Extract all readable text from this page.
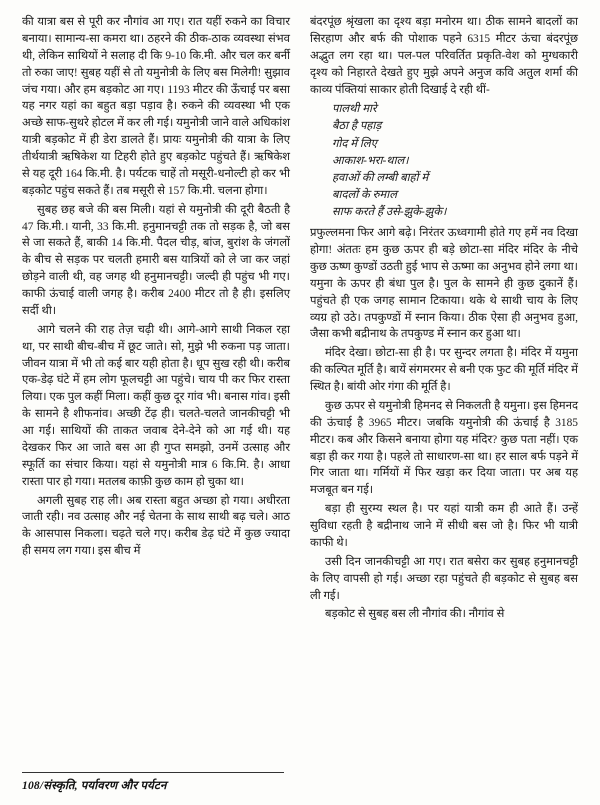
की यात्रा बस से पूरी कर नौगांव आ गए। रात यहीं रुकने का विचार बनाया। सामान्य-सा कमरा था। ठहरने की ठीक-ठाक व्यवस्था संभव थी, लेकिन साथियों ने सलाह दी कि 9-10 कि.मी. और चल कर बर्नी तो रुका जाए! सुबह यहीं से तो यमुनोत्री के लिए बस मिलेगी! सुझाव जंच गया। और हम बड़कोट आ गए। 1193 मीटर की ऊँचाई पर बसा यह नगर यहां का बहुत बड़ा पड़ाव है। रुकने की व्यवस्था भी एक अच्छे साफ-सुथरे होटल में कर ली गई। यमुनोत्री जाने वाले अधिकांश यात्री बड़कोट में ही डेरा डालते हैं। प्रायः यमुनोत्री की यात्रा के लिए तीर्थयात्री ऋषिकेश या टिहरी होते हुए बड़कोट पहुंचते हैं। ऋषिकेश से यह दूरी 164 कि.मी. है। पर्यटक चाहें तो मसूरी-धनोल्टी हो कर भी बड़कोट पहुंच सकते हैं। तब मसूरी से 157 कि.मी. चलना होगा।

सुबह छह बजे की बस मिली। यहां से यमुनोत्री की दूरी बैठती है 47 कि.मी.। यानी, 33 कि.मी. हनुमानचट्टी तक तो सड़क है, जो बस से जा सकते हैं, बाकी 14 कि.मी. पैदल चीड़, बांज, बुरांश के जंगलों के बीच से सड़क पर चलती हमारी बस यात्रियों को ले जा कर जहां छोड़ने वाली थी, वह जगह थी हनुमानचट्टी। जल्दी ही पहुंच भी गए। काफी ऊंचाई वाली जगह है। करीब 2400 मीटर तो है ही। इसलिए सर्दी थी।

आगे चलने की राह तेज़ चढ़ी थी। आगे-आगे साथी निकल रहा था, पर साथी बीच-बीच में छूट जाते। सो, मुझे भी रुकना पड़ जाता। जीवन यात्रा में भी तो कई बार यही होता है। धूप सुख रही थी। करीब एक-डेढ़ घंटे में हम लोग फूलचट्टी आ पहुंचे। चाय पी कर फिर रास्ता लिया। एक पुल कहीं मिला। कहीं कुछ दूर गांव भी। बनास गांव। इसी के सामने है शीफनांव। अच्छी टेंढ़ ही। चलते-चलते जानकीचट्टी भी आ गई। साथियों की ताकत जवाब देने-देने को आ गई थी। यह देखकर फिर आ जाते बस आ ही गुप्त समझो, उनमें उत्साह और स्फूर्ति का संचार किया। यहां से यमुनोत्री मात्र 6 कि.मि. है। आधा रास्ता पार हो गया। मतलब काफ़ी कुछ काम हो चुका था।

अगली सुबह राह ली। अब रास्ता बहुत अच्छा हो गया। अधीरता जाती रही। नव उत्साह और नई चेतना के साथ साथी बढ़ चले। आठ के आसपास निकला। चढ़ते चले गए। करीब डेढ़ घंटे में कुछ ज्यादा ही समय लग गया। इस बीच में

बंदरपूंछ श्रृंखला का दृश्य बड़ा मनोरम था। ठीक सामने बादलों का सिरहाण और बर्फ की पोशाक पहने 6315 मीटर ऊंचा बंदरपूंछ अद्भुत लग रहा था। पल-पल परिवर्तित प्रकृति-वेश को मुग्धकारी दृश्य को निहारते देखते हुए मुझे अपने अनुज कवि अतुल शर्मा की काव्य पंक्तियां साकार होती दिखाई दे रही थीं-

पालथी मारे
बैठा है पहाड़
गोद में लिए
आकाश-भरा-थाल।
हवाओं की लम्बी बाहों में
बादलों के रुमाल
साफ करते हैं उसे-झुके-झुके।

प्रफुल्लमना फिर आगे बढ़े। निरंतर ऊध्वगामी होते गए हमें नव दिखा होगा! अंततः हम कुछ ऊपर ही बड़े छोटा-सा मंदिर मंदिर के नीचे कुछ ऊष्ण कुण्डों उठती हुई भाप से ऊष्मा का अनुभव होने लगा था। यमुना के ऊपर ही बंधा पुल है। पुल के सामने ही कुछ दुकानें हैं। पहुंचते ही एक जगह सामान टिकाया। थके थे साथी चाय के लिए व्यग्र हो उठे। तपकुण्डों में स्नान किया। ठीक ऐसा ही अनुभव हुआ, जैसा कभी बद्रीनाथ के तपकुण्ड में स्नान कर हुआ था।

मंदिर देखा। छोटा-सा ही है। पर सुन्दर लगता है। मंदिर में यमुना की कल्पित मूर्ति है। बायें संगमरमर से बनी एक फुट की मूर्ति मंदिर में स्थित है। बांयी ओर गंगा की मूर्ति है।

कुछ ऊपर से यमुनोत्री हिमनद से निकलती है यमुना। इस हिमनद की ऊंचाई है 3965 मीटर। जबकि यमुनोत्री की ऊंचाई है 3185 मीटर। कब और किसने बनाया होगा यह मंदिर? कुछ पता नहीं। एक बड़ा ही कर गया है। पहले तो साधारण-सा था। हर साल बर्फ पड़ने में गिर जाता था। गर्मियों में फिर खड़ा कर दिया जाता। पर अब यह मजबूत बन गई।

बड़ा ही सुरम्य स्थल है। पर यहां यात्री कम ही आते हैं। उन्हें सुविधा रहती है बद्रीनाथ जाने में सीधी बस जो है। फिर भी यात्री काफी थे।

उसी दिन जानकीचट्टी आ गए। रात बसेरा कर सुबह हनुमानचट्टी के लिए वापसी हो गई। अच्छा रहा पहुंचते ही बड़कोट से सुबह बस ली गई।

बड़कोट से सुबह बस ली नौगांव की। नौगांव से

108/संस्कृति, पर्यावरण और पर्यटन
